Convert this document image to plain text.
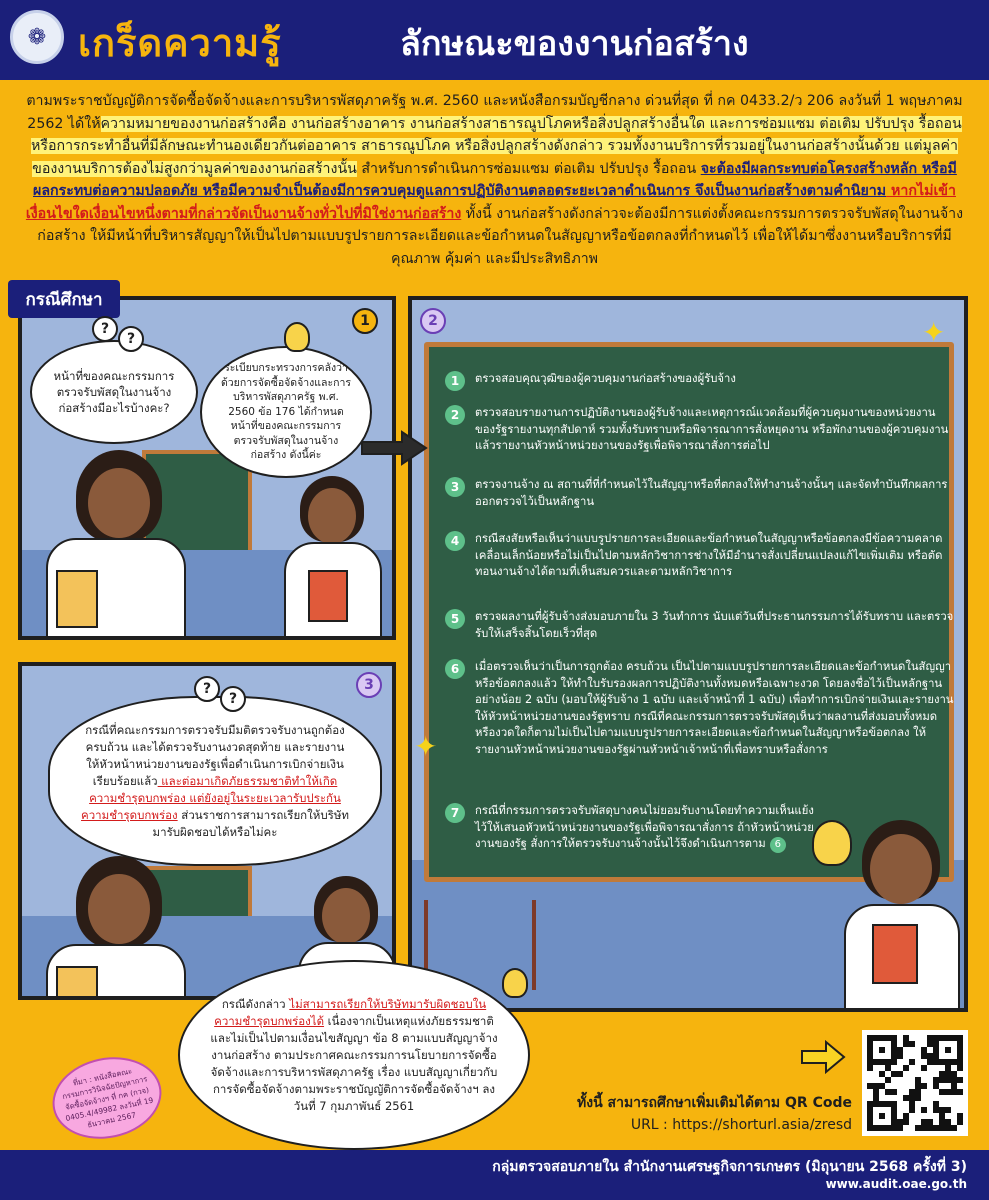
❁ เกร็ดความรู้	ลักษณะของงานก่อสร้าง
ตามพระราชบัญญัติการจัดซื้อจัดจ้างและการบริหารพัสดุภาครัฐ พ.ศ. 2560 และหนังสือกรมบัญชีกลาง ด่วนที่สุด ที่ กค 0433.2/ว 206 ลงวันที่ 1 พฤษภาคม 2562 ได้ให้ความหมายของงานก่อสร้างคือ งานก่อสร้างอาคาร งานก่อสร้างสาธารณูปโภคหรือสิ่งปลูกสร้างอื่นใด และการซ่อมแซม ต่อเติม ปรับปรุง รื้อถอน หรือการกระทำอื่นที่มีลักษณะทำนองเดียวกันต่ออาคาร สาธารณูปโภค หรือสิ่งปลูกสร้างดังกล่าว รวมทั้งงานบริการที่รวมอยู่ในงานก่อสร้างนั้นด้วย แต่มูลค่าของงานบริการต้องไม่สูงกว่ามูลค่าของงานก่อสร้างนั้น สำหรับการดำเนินการซ่อมแซม ต่อเติม ปรับปรุง รื้อถอน จะต้องมีผลกระทบต่อโครงสร้างหลัก หรือมีผลกระทบต่อความปลอดภัย หรือมีความจำเป็นต้องมีการควบคุมดูแลการปฏิบัติงานตลอดระยะเวลาดำเนินการ จึงเป็นงานก่อสร้างตามคำนิยาม หากไม่เข้าเงื่อนไขใดเงื่อนไขหนึ่งตามที่กล่าวจัดเป็นงานจ้างทั่วไปที่มิใช่งานก่อสร้าง ทั้งนี้ งานก่อสร้างดังกล่าวจะต้องมีการแต่งตั้งคณะกรรมการตรวจรับพัสดุในงานจ้างก่อสร้าง ให้มีหน้าที่บริหารสัญญาให้เป็นไปตามแบบรูปรายการละเอียดและข้อกำหนดในสัญญาหรือข้อตกลงที่กำหนดไว้ เพื่อให้ได้มาซึ่งงานหรือบริการที่มีคุณภาพ คุ้มค่า และมีประสิทธิภาพ
กรณีศึกษา
1
?
?
หน้าที่ของคณะกรรมการตรวจรับพัสดุในงานจ้างก่อสร้างมีอะไรบ้างคะ?
ระเบียบกระทรวงการคลังว่าด้วยการจัดซื้อจัดจ้างและการบริหารพัสดุภาครัฐ พ.ศ. 2560 ข้อ 176 ได้กำหนดหน้าที่ของคณะกรรมการตรวจรับพัสดุในงานจ้างก่อสร้าง ดังนี้ค่ะ
3
?
?
กรณีที่คณะกรรมการตรวจรับมีมติตรวจรับงานถูกต้องครบถ้วน และได้ตรวจรับงานงวดสุดท้าย และรายงานให้หัวหน้าหน่วยงานของรัฐเพื่อดำเนินการเบิกจ่ายเงินเรียบร้อยแล้ว และต่อมาเกิดภัยธรรมชาติทำให้เกิดความชำรุดบกพร่อง แต่ยังอยู่ในระยะเวลารับประกันความชำรุดบกพร่อง ส่วนราชการสามารถเรียกให้บริษัทมารับผิดชอบได้หรือไม่คะ
2	✦
✦
1	ตรวจสอบคุณวุฒิของผู้ควบคุมงานก่อสร้างของผู้รับจ้าง
2	ตรวจสอบรายงานการปฏิบัติงานของผู้รับจ้างและเหตุการณ์แวดล้อมที่ผู้ควบคุมงานของหน่วยงานของรัฐรายงานทุกสัปดาห์ รวมทั้งรับทราบหรือพิจารณาการสั่งหยุดงาน หรือพักงานของผู้ควบคุมงาน แล้วรายงานหัวหน้าหน่วยงานของรัฐเพื่อพิจารณาสั่งการต่อไป
3	ตรวจงานจ้าง ณ สถานที่ที่กำหนดไว้ในสัญญาหรือที่ตกลงให้ทำงานจ้างนั้นๆ และจัดทำบันทึกผลการออกตรวจไว้เป็นหลักฐาน
4	กรณีสงสัยหรือเห็นว่าแบบรูปรายการละเอียดและข้อกำหนดในสัญญาหรือข้อตกลงมีข้อความคลาดเคลื่อนเล็กน้อยหรือไม่เป็นไปตามหลักวิชาการช่างให้มีอำนาจสั่งเปลี่ยนแปลงแก้ไขเพิ่มเติม หรือตัดทอนงานจ้างได้ตามที่เห็นสมควรและตามหลักวิชาการ
5	ตรวจผลงานที่ผู้รับจ้างส่งมอบภายใน 3 วันทำการ นับแต่วันที่ประธานกรรมการได้รับทราบ และตรวจรับให้เสร็จสิ้นโดยเร็วที่สุด
6	เมื่อตรวจเห็นว่าเป็นการถูกต้อง ครบถ้วน เป็นไปตามแบบรูปรายการละเอียดและข้อกำหนดในสัญญาหรือข้อตกลงแล้ว ให้ทำใบรับรองผลการปฏิบัติงานทั้งหมดหรือเฉพาะงวด โดยลงชื่อไว้เป็นหลักฐานอย่างน้อย 2 ฉบับ (มอบให้ผู้รับจ้าง 1 ฉบับ และเจ้าหน้าที่ 1 ฉบับ) เพื่อทำการเบิกจ่ายเงินและรายงานให้หัวหน้าหน่วยงานของรัฐทราบ กรณีที่คณะกรรมการตรวจรับพัสดุเห็นว่าผลงานที่ส่งมอบทั้งหมดหรืองวดใดก็ตามไม่เป็นไปตามแบบรูปรายการละเอียดและข้อกำหนดในสัญญาหรือข้อตกลง ให้รายงานหัวหน้าหน่วยงานของรัฐผ่านหัวหน้าเจ้าหน้าที่เพื่อทราบหรือสั่งการ
7	กรณีที่กรรมการตรวจรับพัสดุบางคนไม่ยอมรับงานโดยทำความเห็นแย้งไว้ให้เสนอหัวหน้าหน่วยงานของรัฐเพื่อพิจารณาสั่งการ ถ้าหัวหน้าหน่วยงานของรัฐ สั่งการให้ตรวจรับงานจ้างนั้นไว้จึงดำเนินการตาม 6
กรณีดังกล่าว ไม่สามารถเรียกให้บริษัทมารับผิดชอบในความชำรุดบกพร่องได้ เนื่องจากเป็นเหตุแห่งภัยธรรมชาติและไม่เป็นไปตามเงื่อนไขสัญญา ข้อ 8 ตามแบบสัญญาจ้างงานก่อสร้าง ตามประกาศคณะกรรมการนโยบายการจัดซื้อจัดจ้างและการบริหารพัสดุภาครัฐ เรื่อง แบบสัญญาเกี่ยวกับการจัดซื้อจัดจ้างตามพระราชบัญญัติการจัดซื้อจัดจ้างฯ ลงวันที่ 7 กุมภาพันธ์ 2561
ที่มา : หนังสือคณะกรรมการวินิจฉัยปัญหาการจัดซื้อจัดจ้างฯ ที่ กค (กวจ) 0405.4/49982 ลงวันที่ 19 ธันวาคม 2567
ทั้งนี้ สามารถศึกษาเพิ่มเติมได้ตาม QR Code
URL : https://shorturl.asia/zresd
กลุ่มตรวจสอบภายใน สำนักงานเศรษฐกิจการเกษตร (มิถุนายน 2568 ครั้งที่ 3)
www.audit.oae.go.th
